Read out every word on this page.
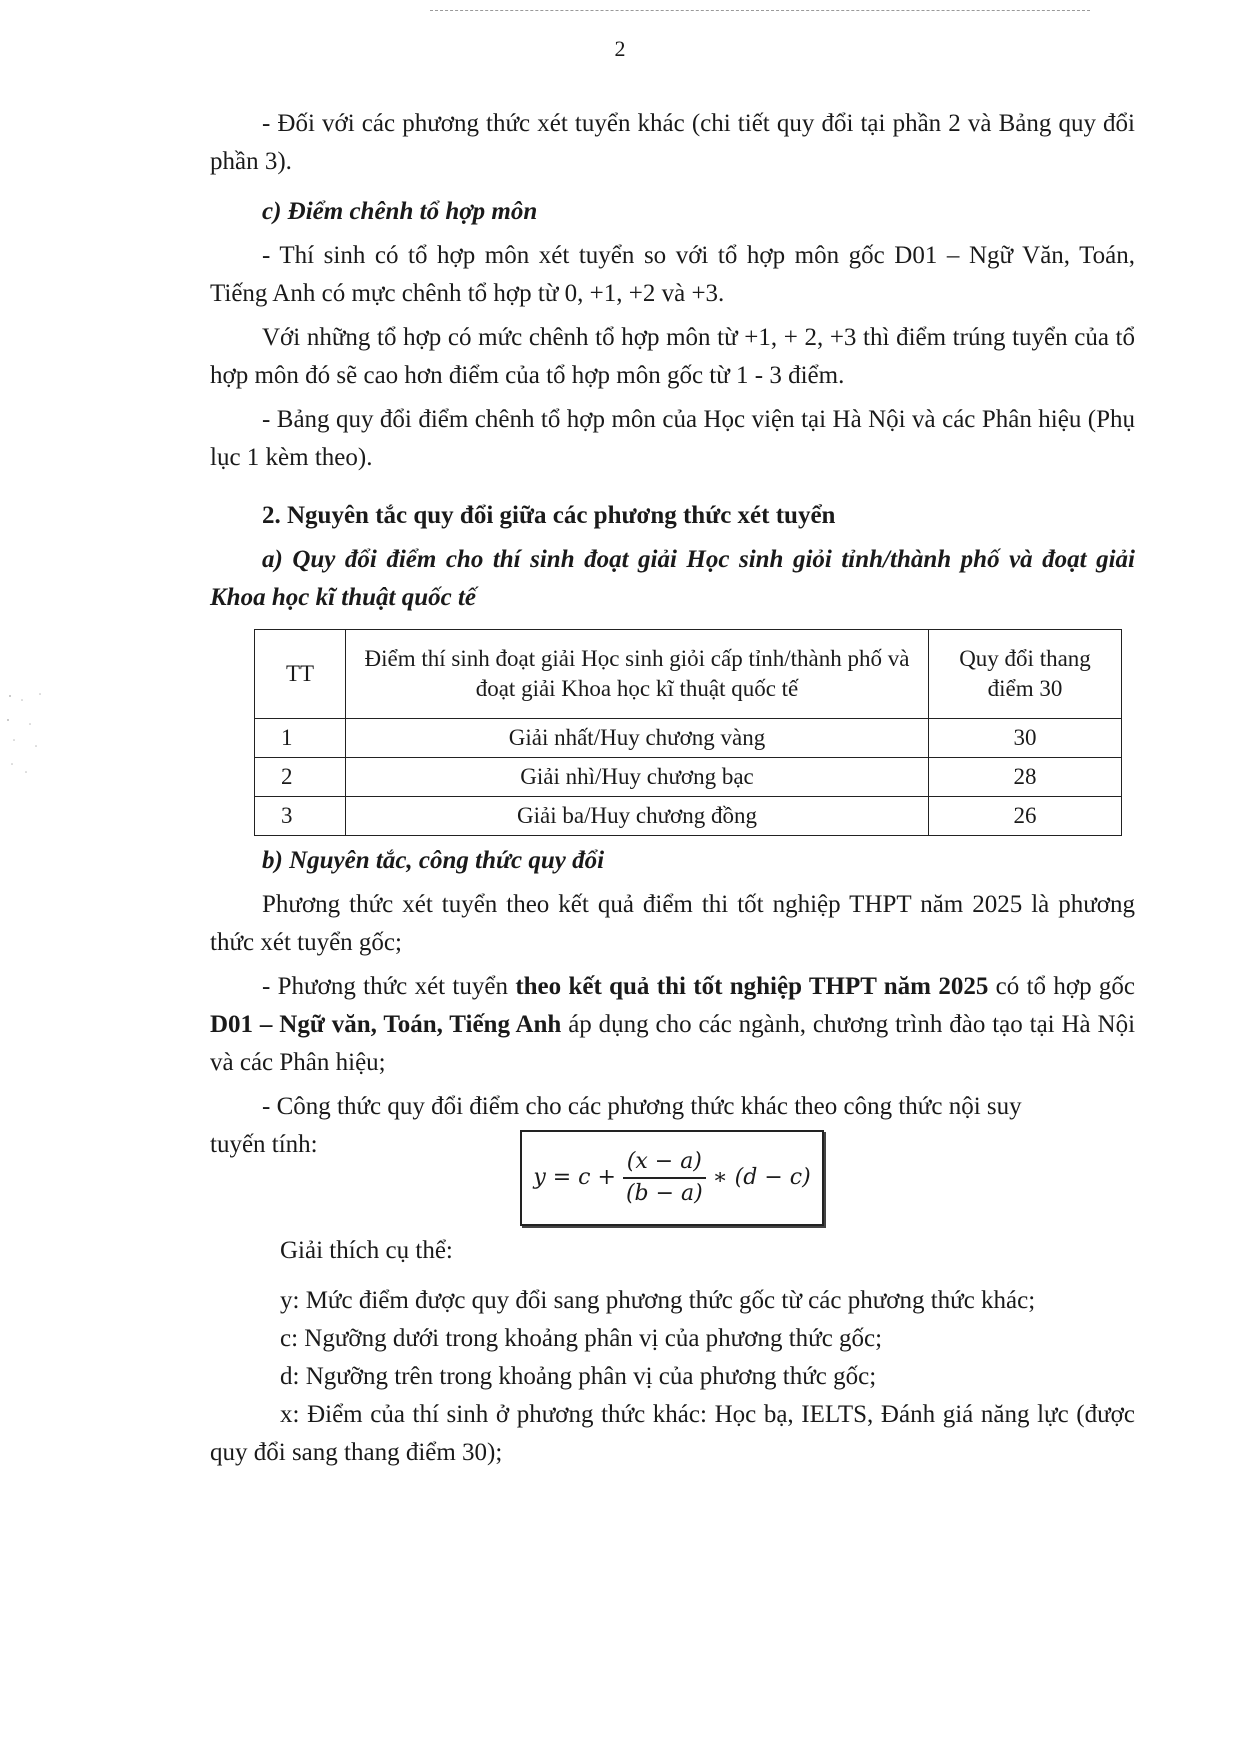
2

- Đối với các phương thức xét tuyển khác (chi tiết quy đổi tại phần 2 và Bảng quy đổi phần 3).

c) Điểm chênh tổ hợp môn

- Thí sinh có tổ hợp môn xét tuyển so với tổ hợp môn gốc D01 – Ngữ Văn, Toán, Tiếng Anh có mực chênh tổ hợp từ 0, +1, +2 và +3.

Với những tổ hợp có mức chênh tổ hợp môn từ +1, + 2, +3 thì điểm trúng tuyển của tổ hợp môn đó sẽ cao hơn điểm của tổ hợp môn gốc từ 1 - 3 điểm.

- Bảng quy đổi điểm chênh tổ hợp môn của Học viện tại Hà Nội và các Phân hiệu (Phụ lục 1 kèm theo).

2. Nguyên tắc quy đổi giữa các phương thức xét tuyển

a) Quy đổi điểm cho thí sinh đoạt giải Học sinh giỏi tỉnh/thành phố và đoạt giải Khoa học kĩ thuật quốc tế

TT	Điểm thí sinh đoạt giải Học sinh giỏi cấp tỉnh/thành phố và đoạt giải Khoa học kĩ thuật quốc tế	Quy đổi thang điểm 30
1	Giải nhất/Huy chương vàng	30
2	Giải nhì/Huy chương bạc	28
3	Giải ba/Huy chương đồng	26

b) Nguyên tắc, công thức quy đổi

Phương thức xét tuyển theo kết quả điểm thi tốt nghiệp THPT năm 2025 là phương thức xét tuyển gốc;

- Phương thức xét tuyển theo kết quả thi tốt nghiệp THPT năm 2025 có tổ hợp gốc D01 – Ngữ văn, Toán, Tiếng Anh áp dụng cho các ngành, chương trình đào tạo tại Hà Nội và các Phân hiệu;

- Công thức quy đổi điểm cho các phương thức khác theo công thức nội suy

tuyến tính:
$y = c + \frac{(x - a)}{(b - a)}$ ∗ (d − c)

Giải thích cụ thể:

y: Mức điểm được quy đổi sang phương thức gốc từ các phương thức khác;

c: Ngưỡng dưới trong khoảng phân vị của phương thức gốc;

d: Ngưỡng trên trong khoảng phân vị của phương thức gốc;

x: Điểm của thí sinh ở phương thức khác: Học bạ, IELTS, Đánh giá năng lực (được quy đổi sang thang điểm 30);
